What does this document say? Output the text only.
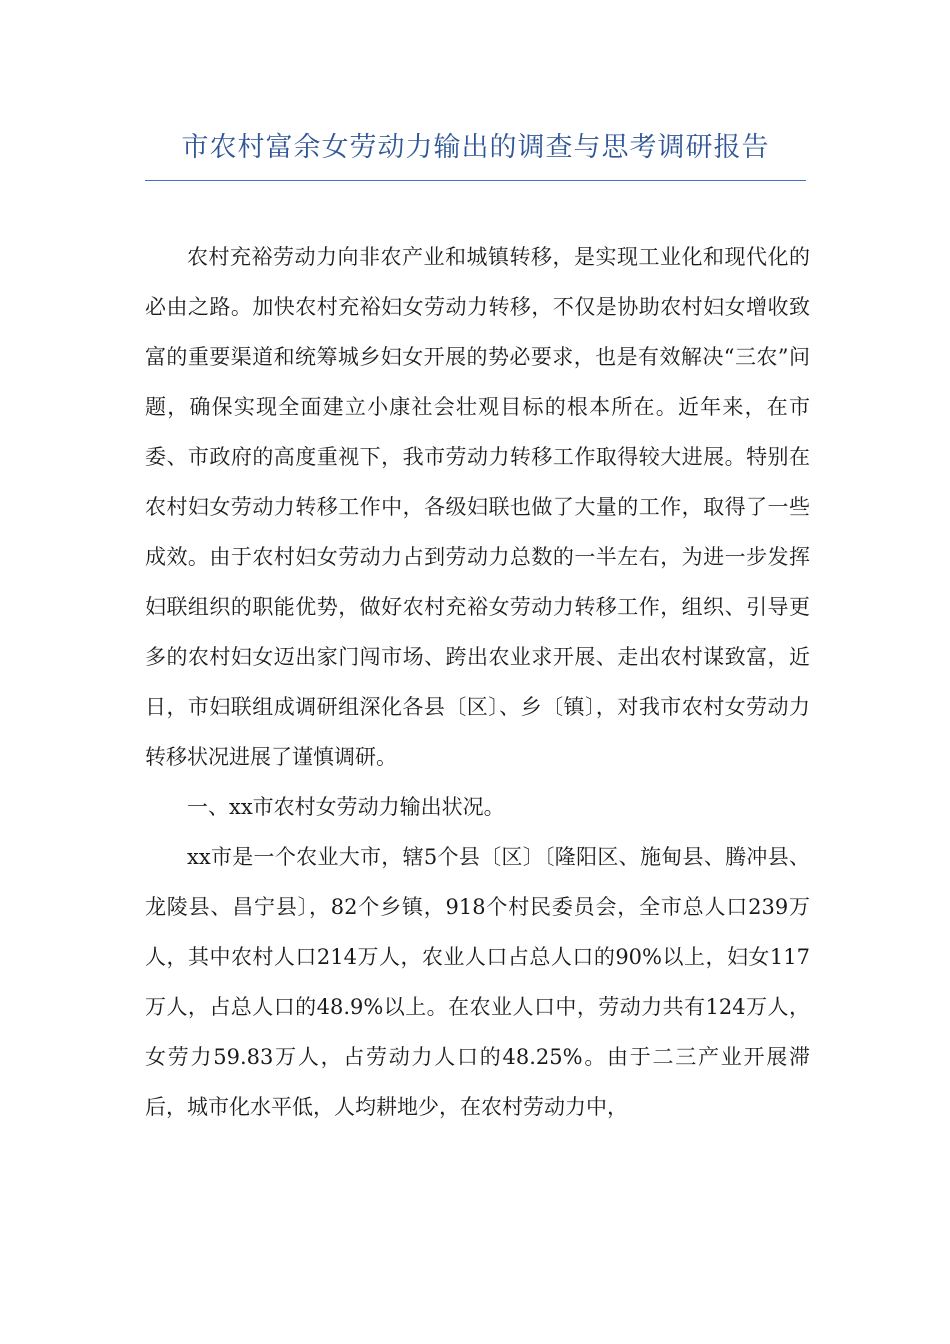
市农村富余女劳动力输出的调查与思考调研报告

农村充裕劳动力向非农产业和城镇转移，是实现工业化和现代化的必由之路。加快农村充裕妇女劳动力转移，不仅是协助农村妇女增收致富的重要渠道和统筹城乡妇女开展的势必要求，也是有效解决“三农”问题，确保实现全面建立小康社会壮观目标的根本所在。近年来，在市委、市政府的高度重视下，我市劳动力转移工作取得较大进展。特别在农村妇女劳动力转移工作中，各级妇联也做了大量的工作，取得了一些成效。由于农村妇女劳动力占到劳动力总数的一半左右，为进一步发挥妇联组织的职能优势，做好农村充裕女劳动力转移工作，组织、引导更多的农村妇女迈出家门闯市场、跨出农业求开展、走出农村谋致富，近日，市妇联组成调研组深化各县〔区〕、乡〔镇〕，对我市农村女劳动力转移状况进展了谨慎调研。

一、xx市农村女劳动力输出状况。

xx市是一个农业大市，辖5个县〔区〕〔隆阳区、施甸县、腾冲县、龙陵县、昌宁县〕，82个乡镇，918个村民委员会，全市总人口239万人，其中农村人口214万人，农业人口占总人口的90%以上，妇女117万人，占总人口的48.9%以上。在农业人口中，劳动力共有124万人，女劳力59.83万人，占劳动力人口的48.25%。由于二三产业开展滞后，城市化水平低，人均耕地少，在农村劳动力中，
